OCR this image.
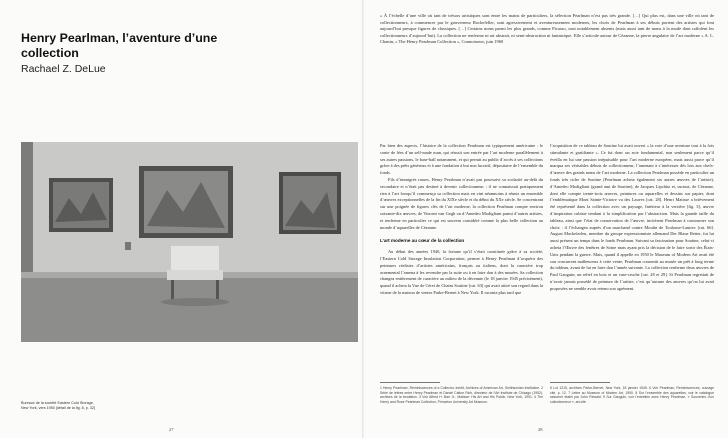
Henry Pearlman, l’aventure d’une collection
Rachael Z. DeLue
Bureaux de la société Eastern Cold Storage, New York, vers 1950 [détail de la fig. 8, p. 32]
27
« À l’échelle d’une ville où tant de trésors artistiques sont entre les mains de particuliers, la sélection Pearlman n’est pas très grande. […] Qui plus est, dans une ville où tant de collectionneurs, à commencer par le gouverneur Rockefeller, sont agressivement et aventureusement modernes, les choix de Pearlman à ses débuts portent des artistes qui font aujourd’hui presque figures de classiques. […] Certains noms parmi les plus grands, comme Picasso, sont notablement absents (mais aussi tant de noms à la mode dont raffolent les collectionneurs d’aujourd’hui). La collection ne renferme ni art abstrait, ni semi-abstraction ni fantastique. Elle s’articule autour de Cézanne, la pierre angulaire de l’art moderne » A. L. Chanin, « The Henry Pearlman Collection », Connoisseur, juin 1960

Par bien des aspects, l’histoire de la collection Pearlman est typiquement américaine : le conte de fées d’un self-made man, qui réussit son entrée par l’art moderne parallèlement à ses autres passions, le base-ball notamment, et qui permit au public d’accès à ses collections grâce à des prêts généreux et à une fondation à but non lucratif, dépositaire de l’ensemble du fonds.

Fils d’immigrés russes, Henry Pearlman n’avait pas poursuivi sa scolarité au-delà du secondaire et n’était pas destiné à devenir collectionneur ; il ne connaissait pratiquement rien à l’art lorsqu’il commença sa collection mais en vint néanmoins à réunir un ensemble d’œuvres exceptionnelles de la fin du XIXe siècle et du début du XXe siècle. Se concentrant sur une poignée de figures clés de l’art moderne, la collection Pearlman compte environ soixante-dix œuvres, de Vincent van Gogh ou d’Amedeo Modigliani parmi d’autres artistes, et renferme en particulier ce qui est souvent considéré comme la plus belle collection au monde d’aquarelles de Cézanne.

L’art moderne au cœur de la collection

Au début des années 1940, la fortune qu’il s’était constituée grâce à sa société, l’Eastern Cold Storage Insulation Corporation, permet à Henry Pearlman d’acquérir des peintures réalistes d’artistes américains, français ou italiens, dont la caractère trop ornemental l’amena à les revendre par la suite ou à en faire don à des musées. Sa collection changea entièrement de caractère au milieu de la décennie (le 18 janvier 1945 précisément), quand il acheta la Vue de Céret de Chaïm Soutine [cat. 63] qui avait attiré son regard dans la vitrine de la maison de ventes Parke-Bernet à New York. Il raconta plus tard que

l’acquisition de ce tableau de Soutine lui avait ouvert « la voie d’une aventure tout à la fois stimulante et gratifiante ». Ce fut donc un acte fondamental, non seulement parce qu’il éveilla en lui une passion inépuisable pour l’art moderne européen, mais aussi parce qu’il marqua ses véritables débuts de collectionneur, l’amenant à s’intéresser dès lors aux chefs-d’œuvre des grands noms de l’art moderne. La collection Pearlman possède en particulier un fonds très riche de Soutine (Pearlman acheta également six autres œuvres de l’artiste), d’Amedeo Modigliani (grand ami de Soutine), de Jacques Lipchitz et, surtout, de Cézanne, dont elle compte trente-trois œuvres, peintures ou aquarelles et dessins sur papier, dont l’emblématique Mont Sainte-Victoire vu des Lauves [cat. 28]. Henri Matisse a brièvement été représenté dans la collection avec un paysage, Intérieur à la verrière [fig. 3], œuvre d’inspiration cubiste tendant à la simplification par l’abstraction. Mais la grande taille du tableau, ainsi que l’état de conservation de l’œuvre, incitèrent Pearlman à contourner son choix : il l’échangea auprès d’un marchand contre Moulin de Toulouse-Lautrec [cat. 66]. August Mackefarlen, membre du groupe expressionniste allemand Der Blaue Reiter, fut lui aussi présent un temps dans le fonds Pearlman. Suivant sa fascination pour Soutine, celui-ci acheta l’Œuvre des fenêtres de Sotne mais ayant pris la décision de le faire sortir des États-Unis pendant la guerre. Mais, quand il appelle en 1950 le Museum of Modern Art avait été son concurrent malheureux à cette vente, Pearlman consentit au musée un prêt à long terme du tableau, avant de lui en faire don l’année suivante. La collection renferme deux œuvres de Paul Gauguin, un relief en bois et un vase-cruche [cat. 28 et 29]. Si Pearlman regrettait de n’avoir jamais possédé de peinture de l’artiste, c’est qu’aucune des œuvres qu’on lui avait proposées ne semble avoir retenu son agrément.

1 Henry Pearlman, Reminiscences of a Collector, inédit, Archives of American Art, Smithsonian Institution. 2 Série de lettres entre Henry Pearlman et Daniel Catton Rich, directeur de l’Art Institute de Chicago (1952), archives de la fondation. 3 Voir Alfred H. Barr Jr., Matisse: His Art and His Public, New York, 1951. 4 The Henry and Rose Pearlman Collection, Princeton University Art Museum.
5 Lot 1215, archives Parke-Bernet, New York, 18 janvier 1945. 6 Voir Pearlman, Reminiscences, ouvrage cité, p. 12. 7 Lettre au Museum of Modern Art, 1950. 8 Sur l’ensemble des aquarelles, voir le catalogue raisonné établi par John Rewald. 9 Sur Gauguin, voir l’entretien avec Henry Pearlman, « Souvenirs d’un collectionneur », art.cité.
28
